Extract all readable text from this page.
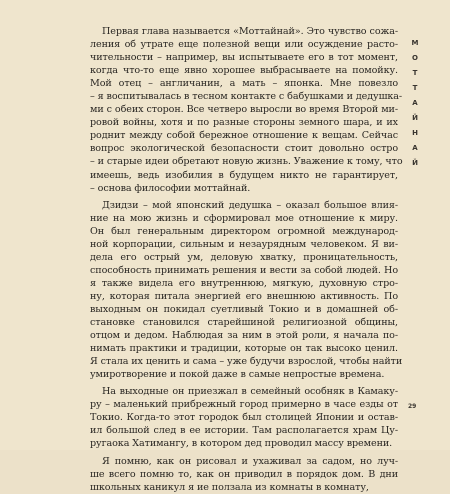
Первая глава называется «Моттайнай». Это чувство сожа-
ления об утрате еще полезной вещи или осуждение расто-
чительности – например, вы испытываете его в тот момент,
когда что-то еще явно хорошее выбрасываете на помойку.
Мой отец – англичанин, а мать – японка. Мне повезло
– я воспитывалась в тесном контакте с бабушками и дедушка-
ми с обеих сторон. Все четверо выросли во время Второй ми-
ровой войны, хотя и по разные стороны земного шара, и их
роднит между собой бережное отношение к вещам. Сейчас
вопрос экологической безопасности стоит довольно остро
– и старые идеи обретают новую жизнь. Уважение к тому, что
имеешь, ведь изобилия в будущем никто не гарантирует,
– основа философии моттайнай.
Дзидзи – мой японский дедушка – оказал большое влия-
ние на мою жизнь и сформировал мое отношение к миру.
Он был генеральным директором огромной международ-
ной корпорации, сильным и незаурядным человеком. Я ви-
дела его острый ум, деловую хватку, проницательность,
способность принимать решения и вести за собой людей. Но
я также видела его внутреннюю, мягкую, духовную стро-
ну, которая питала энергией его внешнюю активность. По
выходным он покидал суетливый Токио и в домашней об-
становке становился старейшиной религиозной общины,
отцом и дедом. Наблюдая за ним в этой роли, я начала по-
нимать практики и традиции, которые он так высоко ценил.
Я стала их ценить и сама – уже будучи взрослой, чтобы найти
умиротворение и покой даже в самые непростые времена.
На выходные он приезжал в семейный особняк в Камаку-
ру – маленький прибрежный город примерно в часе езды от
Токио. Когда-то этот городок был столицей Японии и остав-
ил большой след в ее истории. Там располагается храм Цу-
ругаока Хатимангу, в котором дед проводил массу времени.
Я помню, как он рисовал и ухаживал за садом, но луч-
ше всего помню то, как он приводил в порядок дом. В дни
школьных каникул я ие ползала из комнаты в комнату,
М
О
Т
Т
А
Й
Н
А
Й
29
